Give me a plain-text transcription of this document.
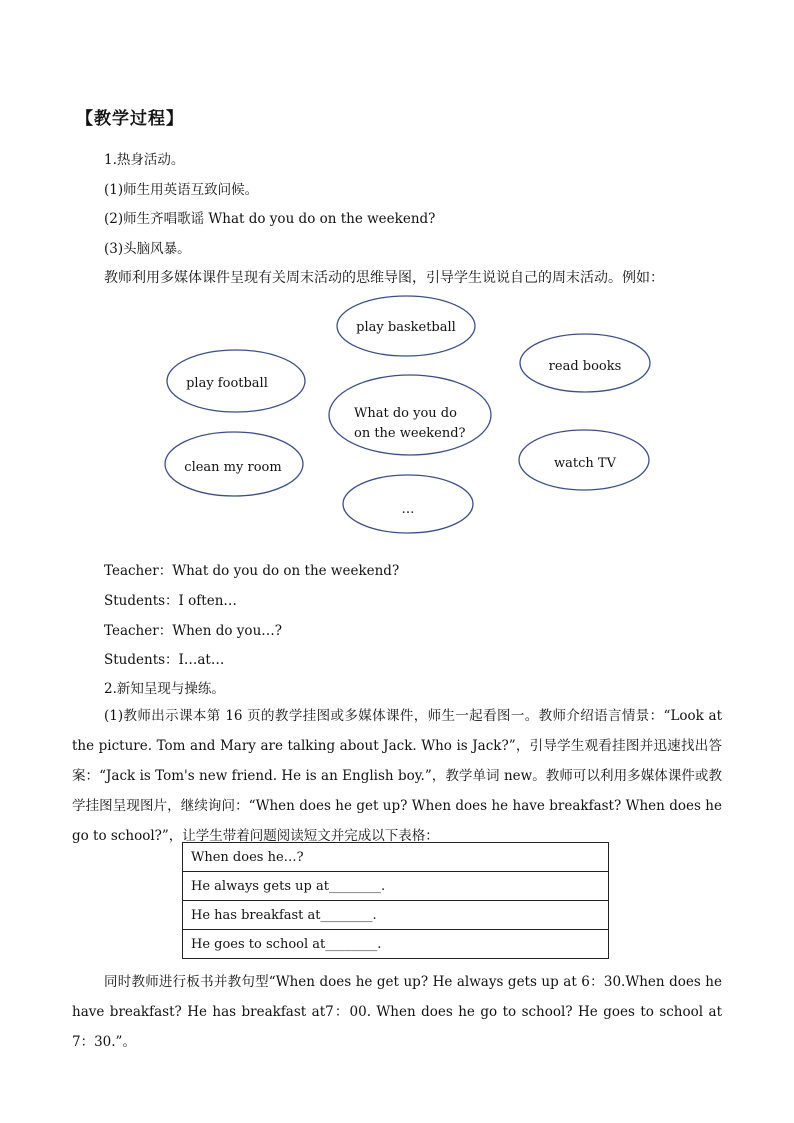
【教学过程】
1.热身活动。
(1)师生用英语互致问候。
(2)师生齐唱歌谣 What do you do on the weekend?
(3)头脑风暴。
教师利用多媒体课件呈现有关周末活动的思维导图，引导学生说说自己的周末活动。例如：
play basketball
read books
play football
What do you do
on the weekend?
clean my room	watch TV
…
Teacher：What do you do on the weekend?
Students：I often…
Teacher：When do you…?
Students：I…at…
2.新知呈现与操练。
(1)教师出示课本第 16 页的教学挂图或多媒体课件，师生一起看图一。教师介绍语言情景：“Look at the picture. Tom and Mary are talking about Jack. Who is Jack?”，引导学生观看挂图并迅速找出答案：“Jack is Tom's new friend. He is an English boy.”，教学单词 new。教师可以利用多媒体课件或教学挂图呈现图片，继续询问：“When does he get up? When does he have breakfast? When does he go to school?”，让学生带着问题阅读短文并完成以下表格：
When does he…?
He always gets up at________.
He has breakfast at________.
He goes to school at________.
同时教师进行板书并教句型“When does he get up? He always gets up at 6：30.When does he have breakfast? He has breakfast at7：00. When does he go to school? He goes to school at 7：30.”。
